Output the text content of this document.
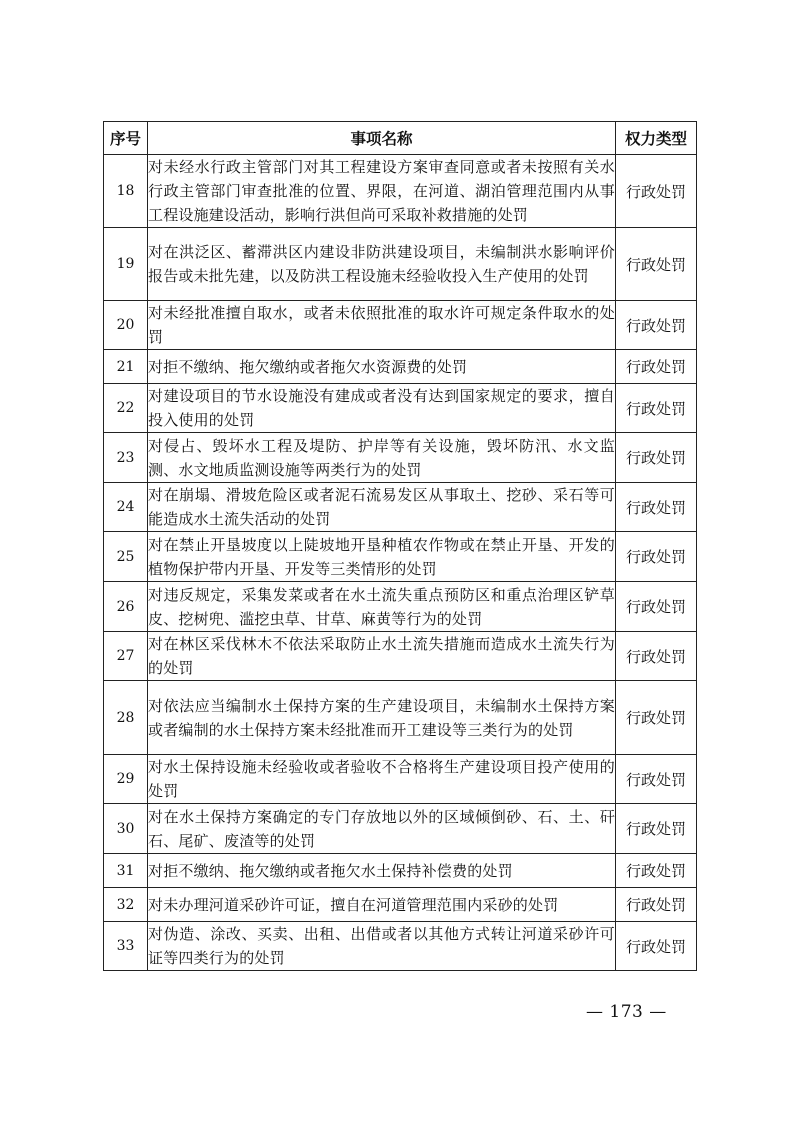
序号	事项名称	权力类型
18	对未经水行政主管部门对其工程建设方案审查同意或者未按照有关水行政主管部门审查批准的位置、界限，在河道、湖泊管理范围内从事工程设施建设活动，影响行洪但尚可采取补救措施的处罚	行政处罚
19	对在洪泛区、蓄滞洪区内建设非防洪建设项目，未编制洪水影响评价报告或未批先建，以及防洪工程设施未经验收投入生产使用的处罚	行政处罚
20	对未经批准擅自取水，或者未依照批准的取水许可规定条件取水的处罚	行政处罚
21	对拒不缴纳、拖欠缴纳或者拖欠水资源费的处罚	行政处罚
22	对建设项目的节水设施没有建成或者没有达到国家规定的要求，擅自投入使用的处罚	行政处罚
23	对侵占、毁坏水工程及堤防、护岸等有关设施，毁坏防汛、水文监测、水文地质监测设施等两类行为的处罚	行政处罚
24	对在崩塌、滑坡危险区或者泥石流易发区从事取土、挖砂、采石等可能造成水土流失活动的处罚	行政处罚
25	对在禁止开垦坡度以上陡坡地开垦种植农作物或在禁止开垦、开发的植物保护带内开垦、开发等三类情形的处罚	行政处罚
26	对违反规定，采集发菜或者在水土流失重点预防区和重点治理区铲草皮、挖树兜、滥挖虫草、甘草、麻黄等行为的处罚	行政处罚
27	对在林区采伐林木不依法采取防止水土流失措施而造成水土流失行为的处罚	行政处罚
28	对依法应当编制水土保持方案的生产建设项目，未编制水土保持方案或者编制的水土保持方案未经批准而开工建设等三类行为的处罚	行政处罚
29	对水土保持设施未经验收或者验收不合格将生产建设项目投产使用的处罚	行政处罚
30	对在水土保持方案确定的专门存放地以外的区域倾倒砂、石、土、矸石、尾矿、废渣等的处罚	行政处罚
31	对拒不缴纳、拖欠缴纳或者拖欠水土保持补偿费的处罚	行政处罚
32	对未办理河道采砂许可证，擅自在河道管理范围内采砂的处罚	行政处罚
33	对伪造、涂改、买卖、出租、出借或者以其他方式转让河道采砂许可证等四类行为的处罚	行政处罚
— 173 —
